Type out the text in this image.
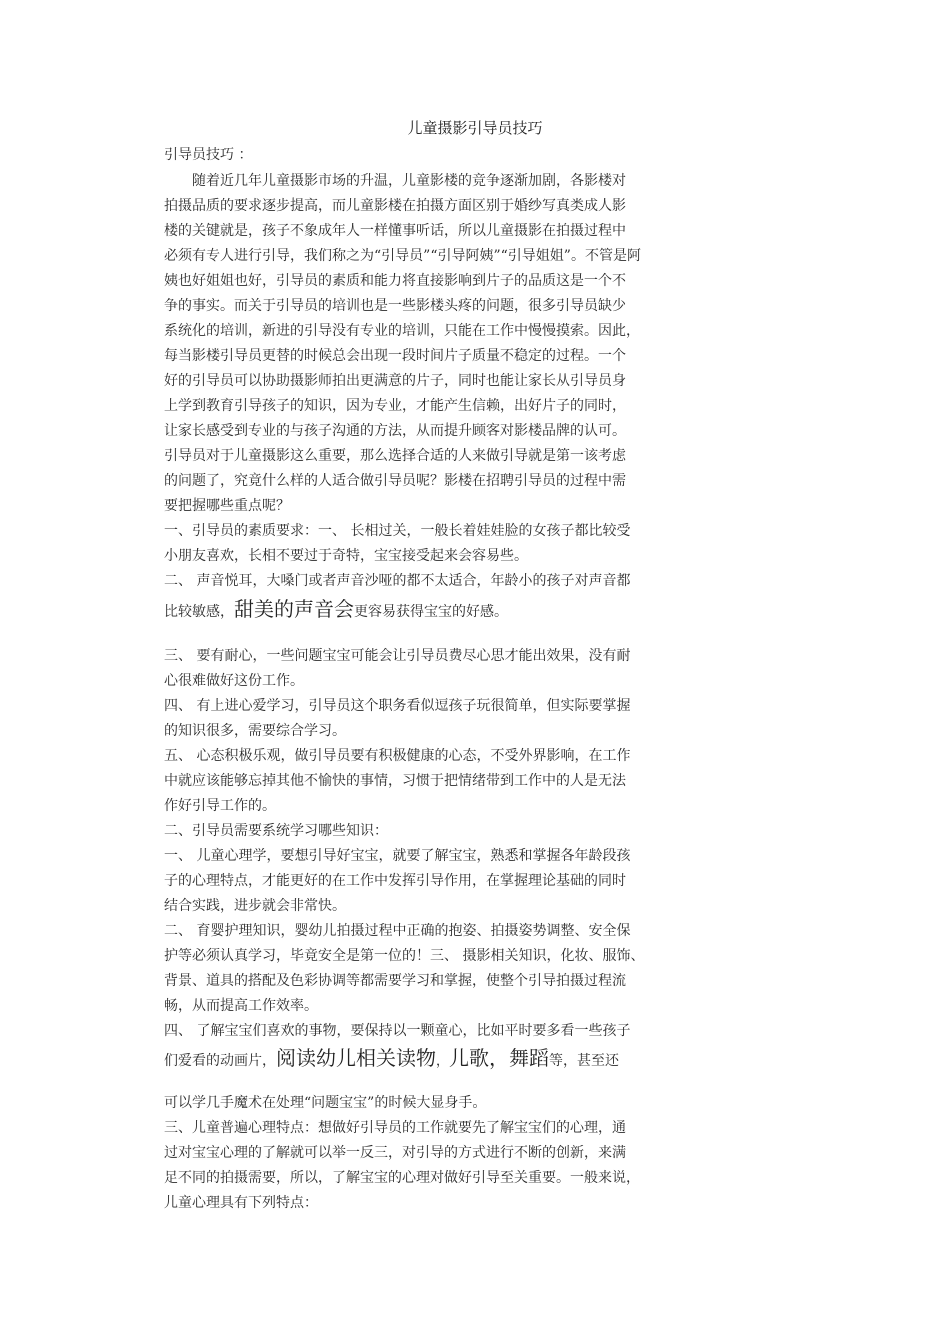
儿童摄影引导员技巧
引导员技巧 ：
随着近几年儿童摄影市场的升温，儿童影楼的竞争逐渐加剧，各影楼对
拍摄品质的要求逐步提高，而儿童影楼在拍摄方面区别于婚纱写真类成人影
楼的关键就是，孩子不象成年人一样懂事听话，所以儿童摄影在拍摄过程中
必须有专人进行引导，我们称之为“引导员”“引导阿姨”“引导姐姐”。不管是阿
姨也好姐姐也好，引导员的素质和能力将直接影响到片子的品质这是一个不
争的事实。而关于引导员的培训也是一些影楼头疼的问题，很多引导员缺少
系统化的培训，新进的引导没有专业的培训，只能在工作中慢慢摸索。因此，
每当影楼引导员更替的时候总会出现一段时间片子质量不稳定的过程。一个
好的引导员可以协助摄影师拍出更满意的片子，同时也能让家长从引导员身
上学到教育引导孩子的知识，因为专业，才能产生信赖，出好片子的同时，
让家长感受到专业的与孩子沟通的方法，从而提升顾客对影楼品牌的认可。
引导员对于儿童摄影这么重要，那么选择合适的人来做引导就是第一该考虑
的问题了，究竟什么样的人适合做引导员呢？影楼在招聘引导员的过程中需
要把握哪些重点呢？
一、引导员的素质要求：一、 长相过关，一般长着娃娃脸的女孩子都比较受
小朋友喜欢，长相不要过于奇特，宝宝接受起来会容易些。
二、 声音悦耳，大嗓门或者声音沙哑的都不太适合，年龄小的孩子对声音都
比较敏感，甜美的声音会更容易获得宝宝的好感。
三、 要有耐心，一些问题宝宝可能会让引导员费尽心思才能出效果，没有耐
心很难做好这份工作。
四、 有上进心爱学习，引导员这个职务看似逗孩子玩很简单，但实际要掌握
的知识很多，需要综合学习。
五、 心态积极乐观，做引导员要有积极健康的心态，不受外界影响，在工作
中就应该能够忘掉其他不愉快的事情，习惯于把情绪带到工作中的人是无法
作好引导工作的。
二、引导员需要系统学习哪些知识：
一、 儿童心理学，要想引导好宝宝，就要了解宝宝，熟悉和掌握各年龄段孩
子的心理特点，才能更好的在工作中发挥引导作用，在掌握理论基础的同时
结合实践，进步就会非常快。
二、 育婴护理知识，婴幼儿拍摄过程中正确的抱姿、拍摄姿势调整、安全保
护等必须认真学习，毕竟安全是第一位的！三、 摄影相关知识，化妆、服饰、
背景、道具的搭配及色彩协调等都需要学习和掌握，使整个引导拍摄过程流
畅，从而提高工作效率。
四、 了解宝宝们喜欢的事物，要保持以一颗童心，比如平时要多看一些孩子
们爱看的动画片，阅读幼儿相关读物，儿歌，舞蹈等，甚至还
可以学几手魔术在处理“问题宝宝”的时候大显身手。
三、儿童普遍心理特点：想做好引导员的工作就要先了解宝宝们的心理，通
过对宝宝心理的了解就可以举一反三，对引导的方式进行不断的创新，来满
足不同的拍摄需要，所以，了解宝宝的心理对做好引导至关重要。一般来说，
儿童心理具有下列特点：
